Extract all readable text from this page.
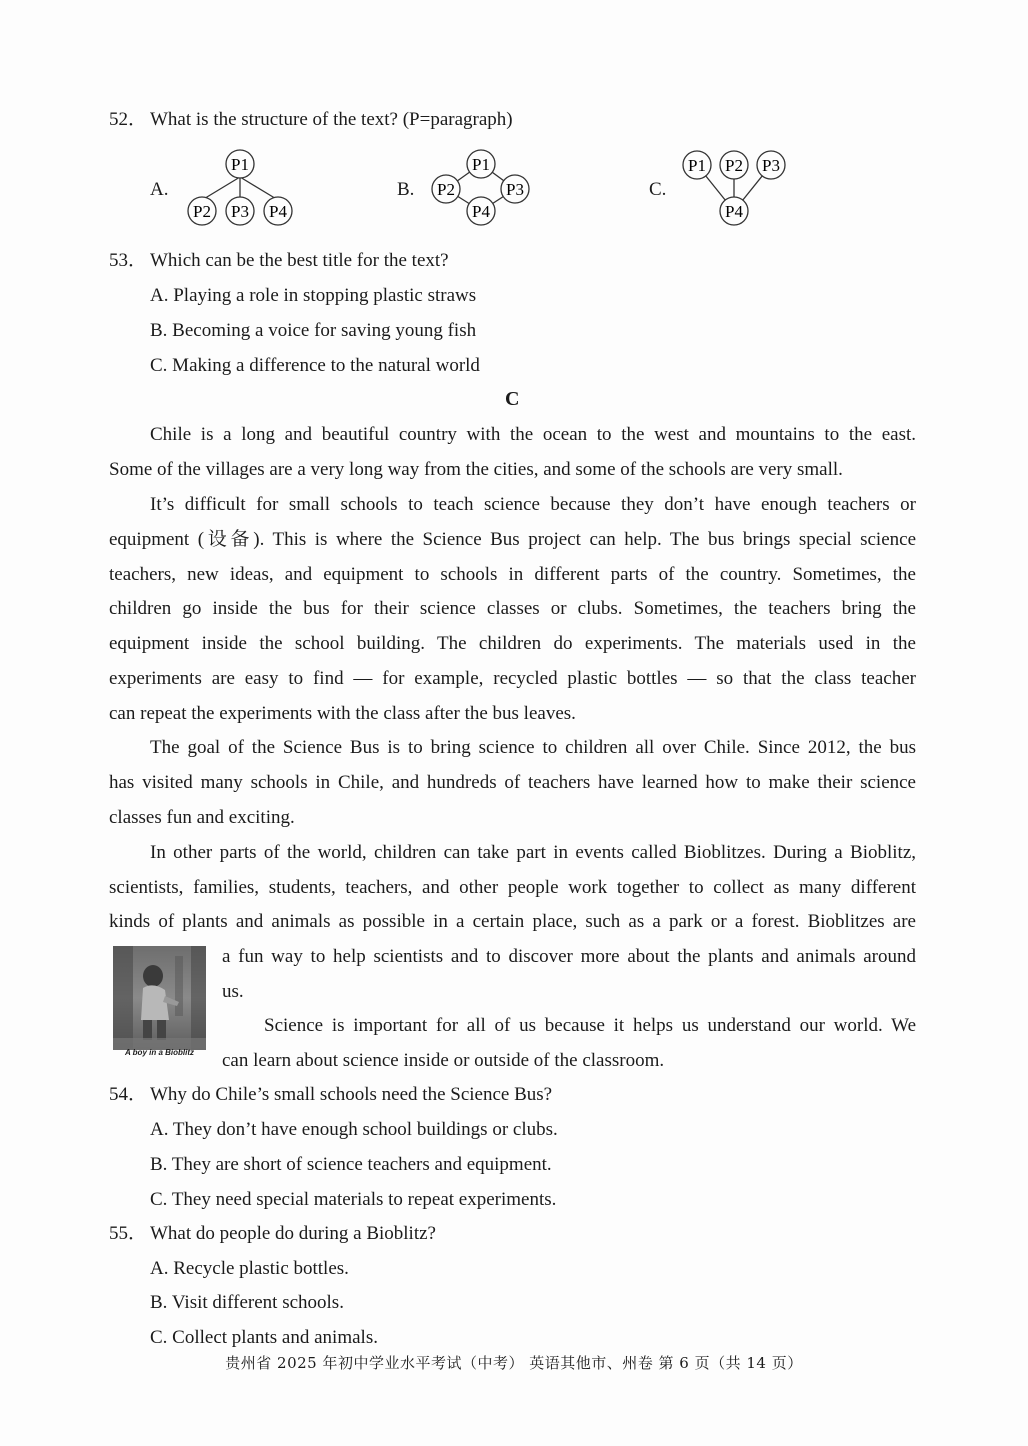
52． What is the structure of the text? (P=paragraph)
A.
P1
P2 P3 P4
B.
P1
P2	P3
P4
C.
P1 P2 P3
P4
53． Which can be the best title for the text?
A. Playing a role in stopping plastic straws
B. Becoming a voice for saving young fish
C. Making a difference to the natural world
C
Chile is a long and beautiful country with the ocean to the west and mountains to the east.
Some of the villages are a very long way from the cities, and some of the schools are very small.
It’s difficult for small schools to teach science because they don’t have enough teachers or
equipment (设备). This is where the Science Bus project can help. The bus brings special science
teachers, new ideas, and equipment to schools in different parts of the country. Sometimes, the
children go inside the bus for their science classes or clubs. Sometimes, the teachers bring the
equipment inside the school building. The children do experiments. The materials used in the
experiments are easy to find — for example, recycled plastic bottles — so that the class teacher
can repeat the experiments with the class after the bus leaves.
The goal of the Science Bus is to bring science to children all over Chile. Since 2012, the bus
has visited many schools in Chile, and hundreds of teachers have learned how to make their science
classes fun and exciting.
In other parts of the world, children can take part in events called Bioblitzes. During a Bioblitz,
scientists, families, students, teachers, and other people work together to collect as many different
kinds of plants and animals as possible in a certain place, such as a park or a forest. Bioblitzes are
a fun way to help scientists and to discover more about the plants and animals around
us.
Science is important for all of us because it helps us understand our world. We
can learn about science inside or outside of the classroom.
A boy in a Bioblitz
54． Why do Chile’s small schools need the Science Bus?
A. They don’t have enough school buildings or clubs.
B. They are short of science teachers and equipment.
C. They need special materials to repeat experiments.
55． What do people do during a Bioblitz?
A. Recycle plastic bottles.
B. Visit different schools.
C. Collect plants and animals.
贵州省 2025 年初中学业水平考试（中考） 英语其他市、州卷 第 6 页（共 14 页）
